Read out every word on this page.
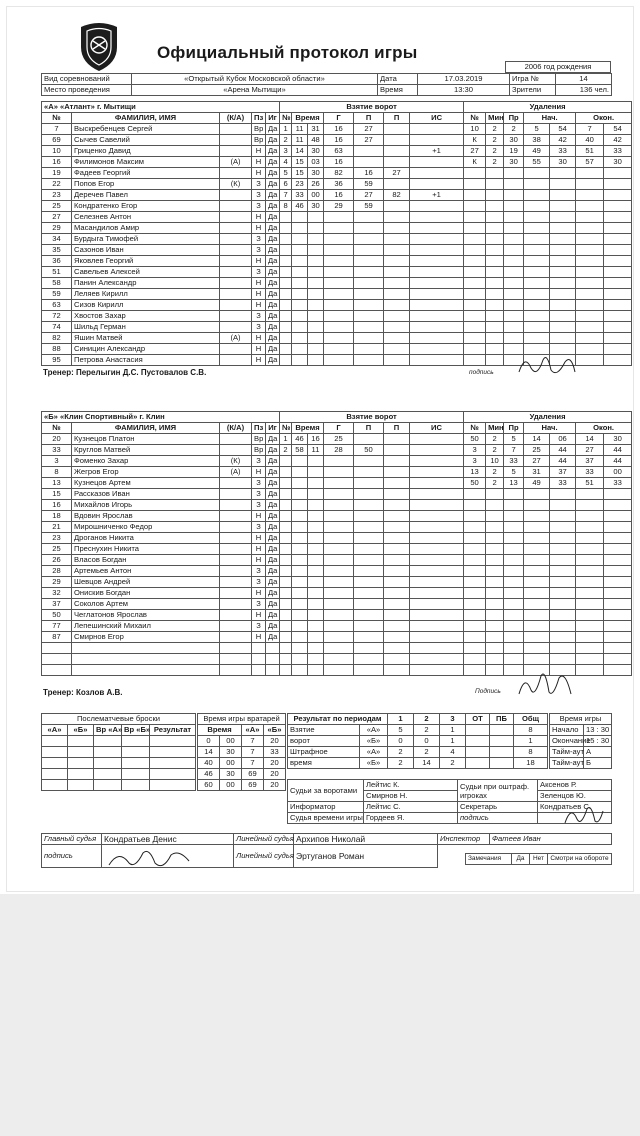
Официальный протокол игры
2006 год рождения
Вид соревнований	«Открытый Кубок Московской области»	Дата	17.03.2019	Игра №	14
Место проведения	«Арена Мытищи»	Время	13:30	Зрители	136 чел.
«А» «Атлант» г. Мытищи					Взятие ворот							Удаления						
№	ФАМИЛИЯ, ИМЯ	(К/А)	Пз	Иг	№	Время		Г	П	П	ИС	№	Мин	Пр	Нач.		Окон.	
7	Выскребенцев Сергей		Вр	Да	1	11	31	16	27			10	2	2	5	54	7	54
69	Сычев Савелий		Вр	Да	2	11	48	16	27			К	2	30	38	42	40	42
10	Гриценко Давид		Н	Да	3	14	30	63			+1	27	2	19	49	33	51	33
16	Филимонов Максим	(А)	Н	Да	4	15	03	16				К	2	30	55	30	57	30
19	Фадеев Георгий		Н	Да	5	15	30	82	16	27								
22	Попов Егор	(К)	З	Да	6	23	26	36	59									
23	Деречев Павел		З	Да	7	33	00	16	27	82	+1							
25	Кондратенко Егор		З	Да	8	46	30	29	59									
27	Селезнев Антон		Н	Да														
29	Масандилов Амир		Н	Да														
34	Бурдыга Тимофей		З	Да														
35	Сазонов Иван		З	Да														
36	Яковлев Георгий		Н	Да														
51	Савельев Алексей		З	Да														
58	Панин Александр		Н	Да														
59	Леляев Кирилл		Н	Да														
63	Сизов Кирилл		Н	Да														
72	Хвостов Захар		З	Да														
74	Шильд Герман		З	Да														
82	Яшин Матвей	(А)	Н	Да														
88	Синицин Александр		Н	Да														
95	Петрова Анастасия		Н	Да														
Тренер: Перелыгин Д.С. Пустовалов С.В.	подпись
«Б» «Клин Спортивный» г. Клин					Взятие ворот							Удаления						
№	ФАМИЛИЯ, ИМЯ	(К/А)	Пз	Иг	№	Время		Г	П	П	ИС	№	Мин	Пр	Нач.		Окон.	
20	Кузнецов Платон		Вр	Да	1	46	16	25				50	2	5	14	06	14	30
33	Круглов Матвей		Вр	Да	2	58	11	28	50			3	2	7	25	44	27	44
3	Фоменко Захар	(К)	З	Да								3	10	33	27	44	37	44
8	Жегров Егор	(А)	Н	Да								13	2	5	31	37	33	00
13	Кузнецов Артем		З	Да								50	2	13	49	33	51	33
15	Рассказов Иван		З	Да														
16	Михайлов Игорь		З	Да														
18	Вдовин Ярослав		Н	Да														
21	Мирошниченко Федор		З	Да														
23	Дроганов Никита		Н	Да														
25	Преснухин Никита		Н	Да														
26	Власов Богдан		Н	Да														
28	Артемьев Антон		З	Да														
29	Шевцов Андрей		З	Да														
32	Онискив Богдан		Н	Да														
37	Соколов Артем		З	Да														
50	Чеглатонов Ярослав		Н	Да														
77	Лепешинский Михаил		З	Да														
87	Смирнов Егор		Н	Да														

Тренер: Козлов А.В.	Подпись
Послематчевые броски				
«А»	«Б»	Вр «А»	Вр «Б»	Результат

Время игры вратарей			
Время		«А»	«Б»
0	00	7	20
14	30	7	33
40	00	7	20
46	30	69	20
60	00	69	20
Результат по периодам		1	2	3	ОТ	ПБ	Общ
Взятие	«А»	5	2	1			8
ворот	«Б»	0	0	1			1
Штрафное	«А»	2	2	4			8
время	«Б»	2	14	2			18
Время игры	
Начало	13 : 30
Окончание	15 : 30
Тайм-аут А	
Тайм-аут Б	
Судьи за воротами	Лейтис К.	Судьи при оштраф. игроках	Аксенов Р.
	Смирнов Н.		Зеленцов Ю.
Информатор	Лейтис С.	Секретарь	Кондратьев С.
Судья времени игры	Гордеев Я.	подпись	
Главный судья	Кондратьев Денис	Линейный судья	Архипов Николай
подпись		Линейный судья	Эртуганов Роман
Инспектор	Фатеев Иван
Замечания	Да	Нет	Смотри на обороте
